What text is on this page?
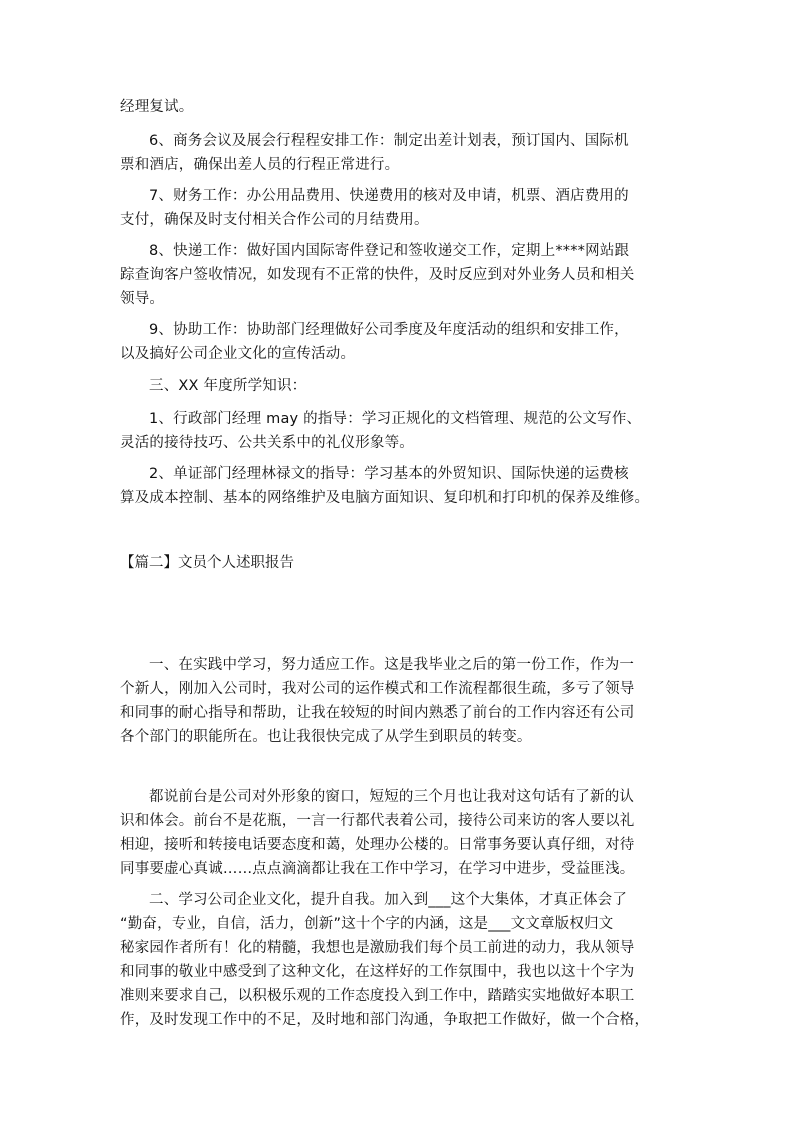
经理复试。
6、商务会议及展会行程程安排工作：制定出差计划表，预订国内、国际机
票和酒店，确保出差人员的行程正常进行。
7、财务工作：办公用品费用、快递费用的核对及申请，机票、酒店费用的
支付，确保及时支付相关合作公司的月结费用。
8、快递工作：做好国内国际寄件登记和签收递交工作，定期上****网站跟
踪查询客户签收情况，如发现有不正常的快件，及时反应到对外业务人员和相关
领导。
9、协助工作：协助部门经理做好公司季度及年度活动的组织和安排工作，
以及搞好公司企业文化的宣传活动。
三、XX 年度所学知识：
1、行政部门经理 may 的指导：学习正规化的文档管理、规范的公文写作、
灵活的接待技巧、公共关系中的礼仪形象等。
2、单证部门经理林禄文的指导：学习基本的外贸知识、国际快递的运费核
算及成本控制、基本的网络维护及电脑方面知识、复印机和打印机的保养及维修。
【篇二】文员个人述职报告
一、在实践中学习，努力适应工作。这是我毕业之后的第一份工作，作为一
个新人，刚加入公司时，我对公司的运作模式和工作流程都很生疏，多亏了领导
和同事的耐心指导和帮助，让我在较短的时间内熟悉了前台的工作内容还有公司
各个部门的职能所在。也让我很快完成了从学生到职员的转变。
都说前台是公司对外形象的窗口，短短的三个月也让我对这句话有了新的认
识和体会。前台不是花瓶，一言一行都代表着公司，接待公司来访的客人要以礼
相迎，接听和转接电话要态度和蔼，处理办公楼的。日常事务要认真仔细，对待
同事要虚心真诚……点点滴滴都让我在工作中学习，在学习中进步，受益匪浅。
二、学习公司企业文化，提升自我。加入到___这个大集体，才真正体会了
“勤奋，专业，自信，活力，创新”这十个字的内涵，这是___文文章版权归文
秘家园作者所有！化的精髓，我想也是激励我们每个员工前进的动力，我从领导
和同事的敬业中感受到了这种文化，在这样好的工作氛围中，我也以这十个字为
准则来要求自己，以积极乐观的工作态度投入到工作中，踏踏实实地做好本职工
作，及时发现工作中的不足，及时地和部门沟通，争取把工作做好，做一个合格，
